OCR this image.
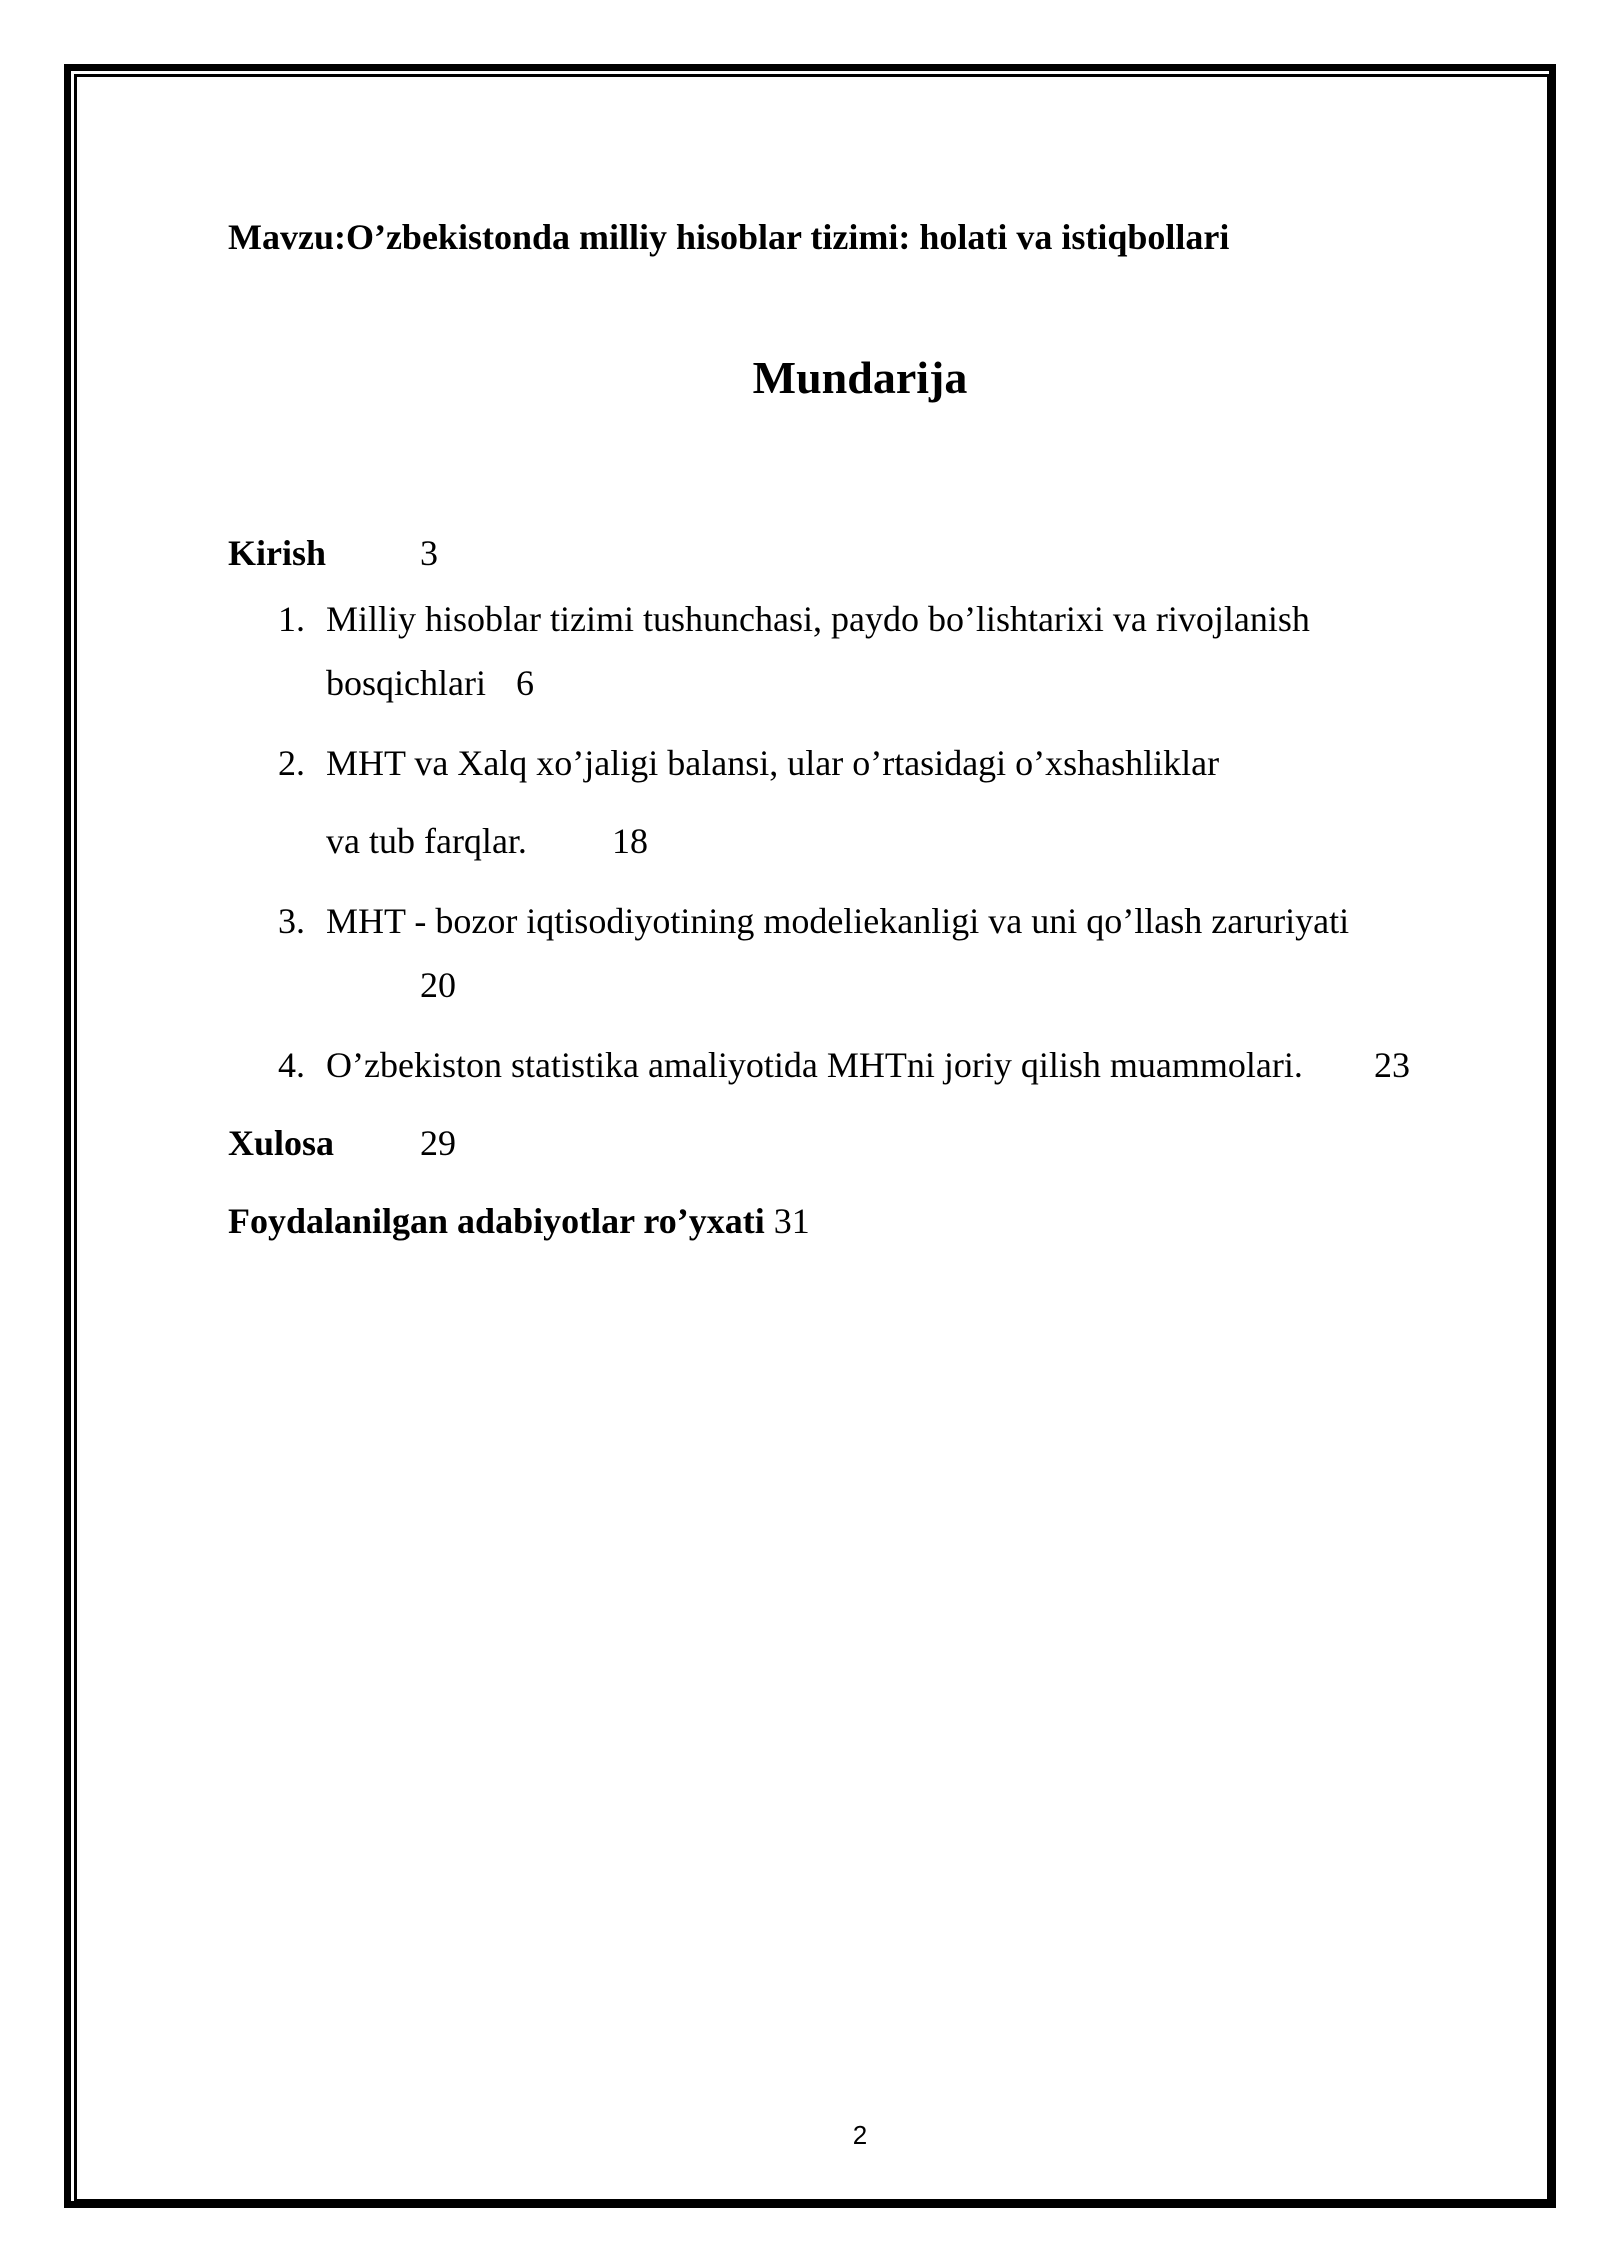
Mavzu:O’zbekistonda milliy hisoblar tizimi: holati va istiqbollari
Mundarija
Kirish	3
1. Milliy hisoblar tizimi tushunchasi, paydo bo’lishtarixi va rivojlanish
bosqichlari 6
2. MHT va Xalq xo’jaligi balansi, ular o’rtasidagi o’xshashliklar
va tub farqlar. 18
3. MHT - bozor iqtisodiyotining modeliekanligi va uni qo’llash zaruriyati
20
4. O’zbekiston statistika amaliyotida MHTni joriy qilish muammolari. 23
Xulosa 29
Foydalanilgan adabiyotlar ro’yxati 31
2
